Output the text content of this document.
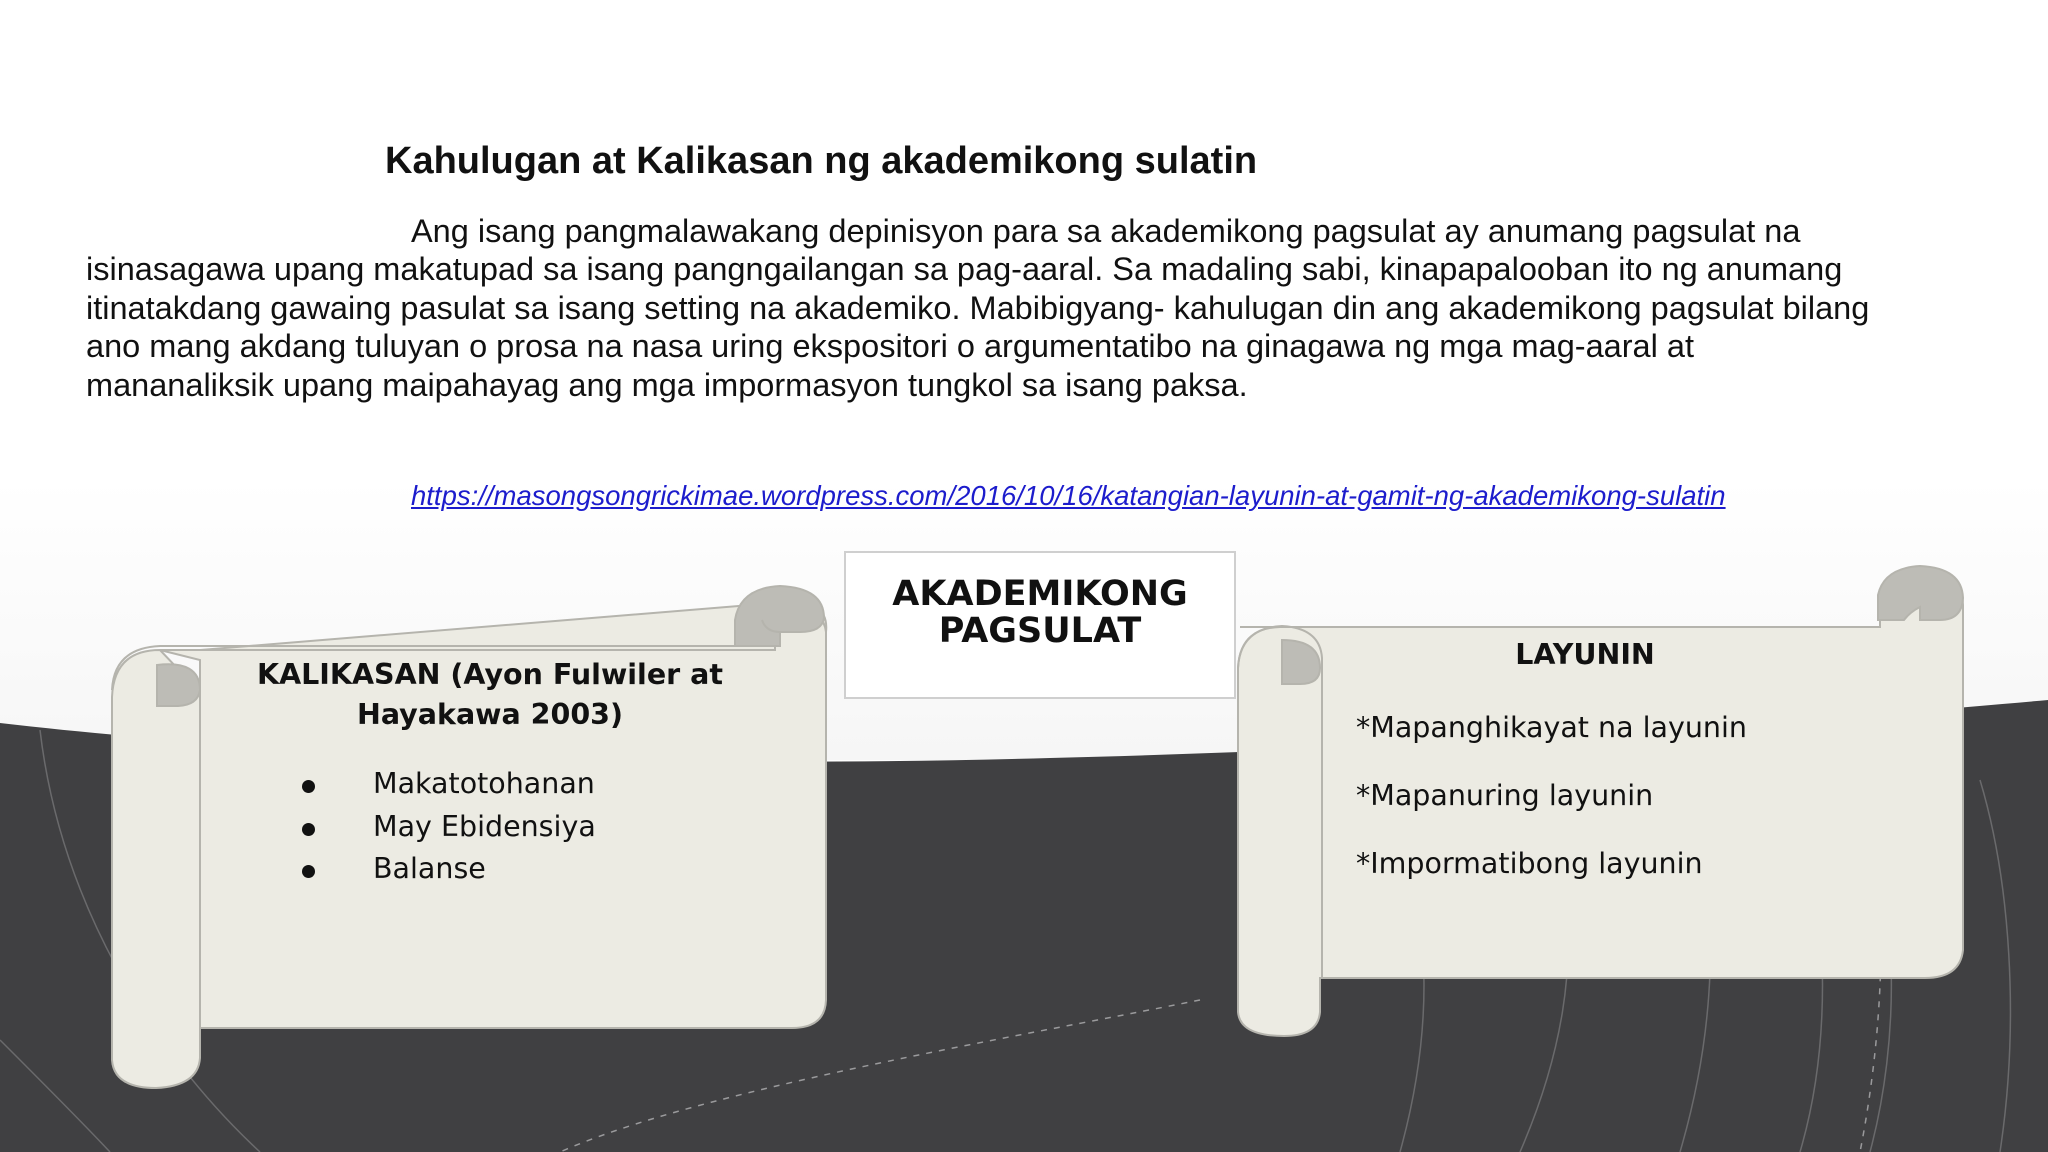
Kahulugan at Kalikasan ng akademikong sulatin

Ang isang pangmalawakang depinisyon para sa akademikong pagsulat ay anumang pagsulat na isinasagawa upang makatupad sa isang pangngailangan sa pag-aaral. Sa madaling sabi, kinapapalooban ito ng anumang itinatakdang gawaing pasulat sa isang setting na akademiko. Mabibigyang- kahulugan din ang akademikong pagsulat bilang ano mang akdang tuluyan o prosa na nasa uring ekspositori o argumentatibo na ginagawa ng mga mag-aaral at mananaliksik upang maipahayag ang mga impormasyon tungkol sa isang paksa.

https://masongsongrickimae.wordpress.com/2016/10/16/katangian-layunin-at-gamit-ng-akademikong-sulatin

AKADEMIKONG
PAGSULAT
KALIKASAN (Ayon Fulwiler at
Hayakawa 2003)
Makatotohanan
May Ebidensiya
Balanse
LAYUNIN
*Mapanghikayat na layunin
*Mapanuring layunin
*Impormatibong layunin
